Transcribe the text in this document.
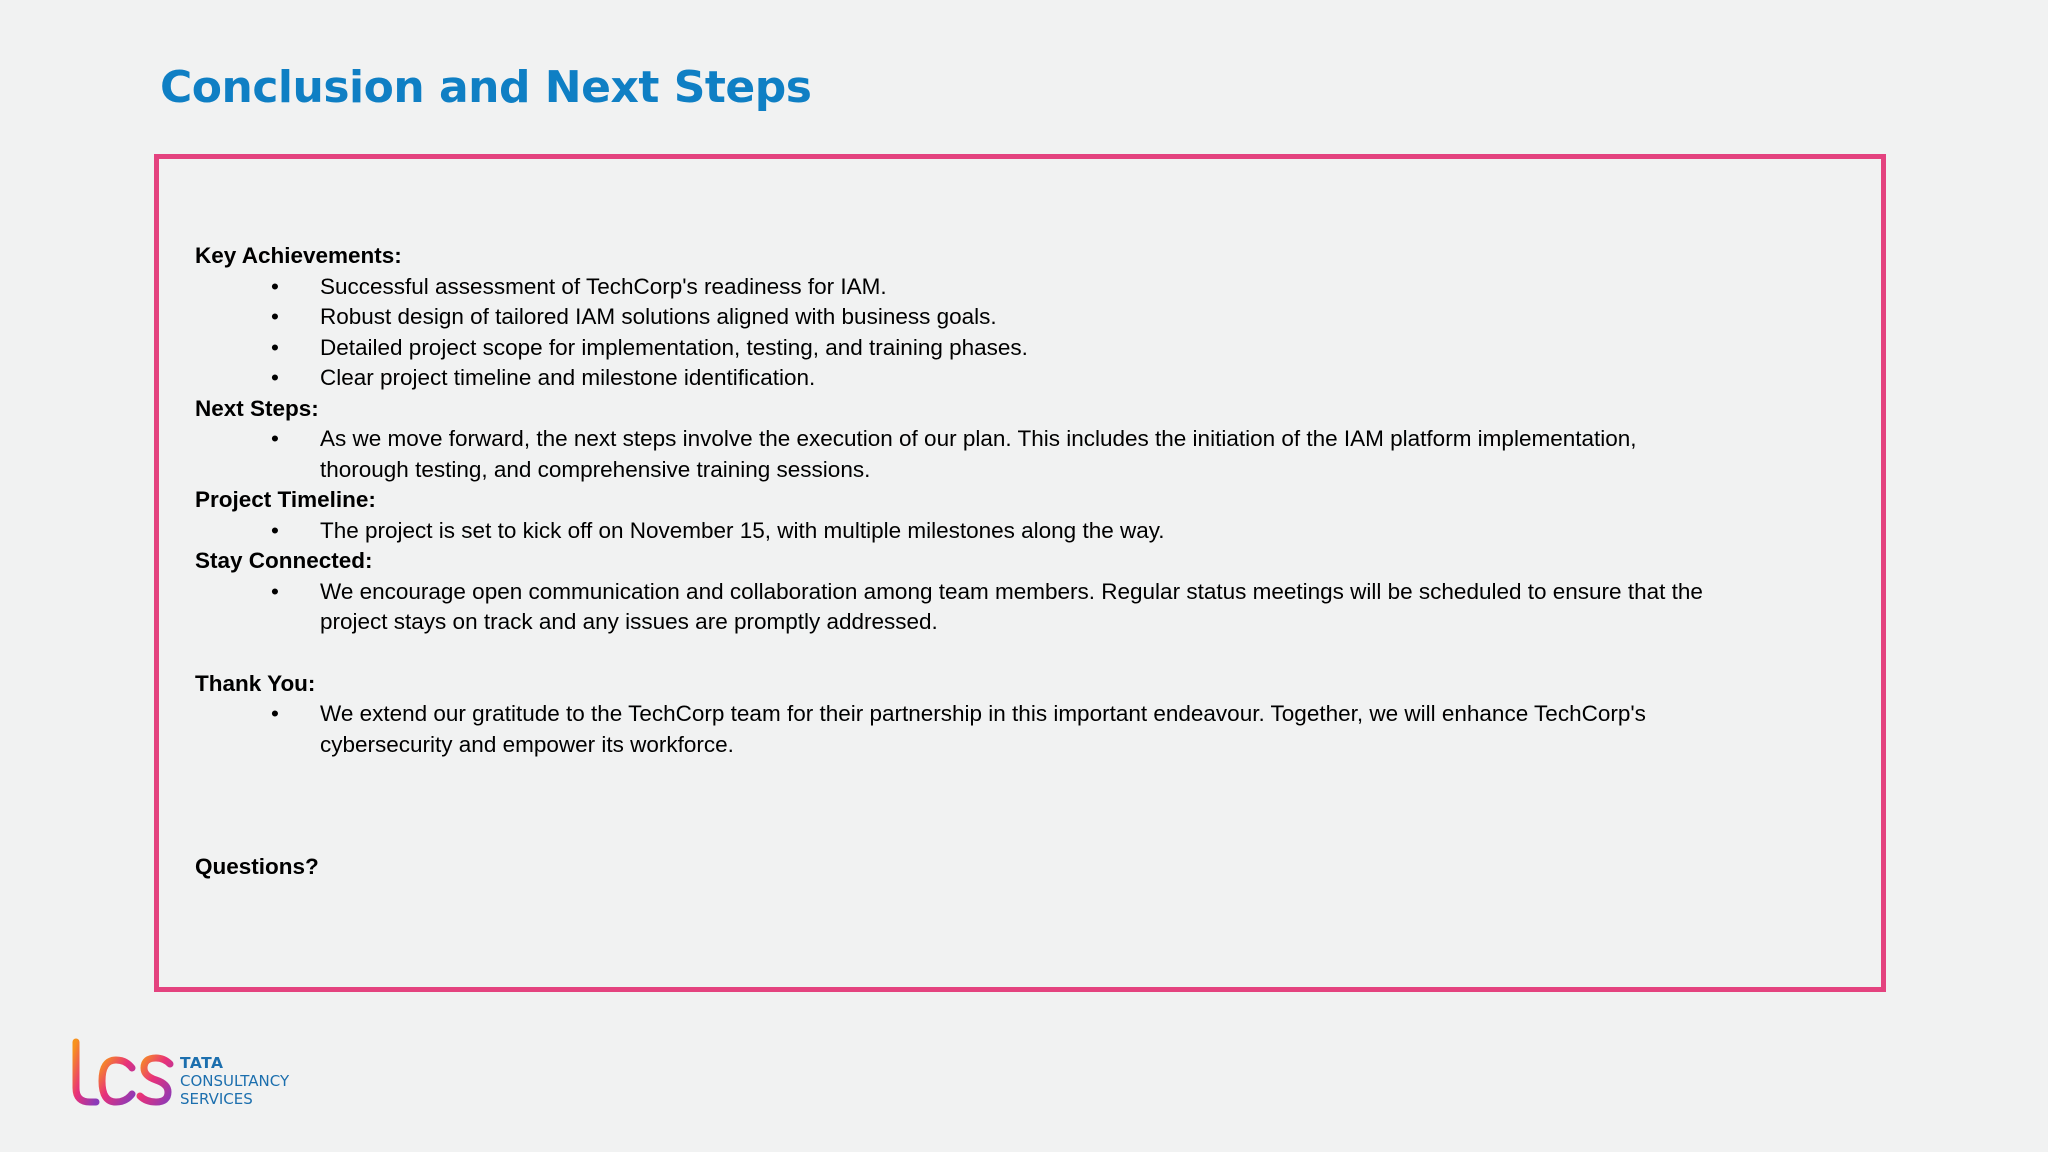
Conclusion and Next Steps

Key Achievements:

• Successful assessment of TechCorp's readiness for IAM.
• Robust design of tailored IAM solutions aligned with business goals.
• Detailed project scope for implementation, testing, and training phases.
• Clear project timeline and milestone identification.

Next Steps:

• As we move forward, the next steps involve the execution of our plan. This includes the initiation of the IAM platform implementation, thorough testing, and comprehensive training sessions.

Project Timeline:

• The project is set to kick off on November 15, with multiple milestones along the way.

Stay Connected:

• We encourage open communication and collaboration among team members. Regular status meetings will be scheduled to ensure that the project stays on track and any issues are promptly addressed.

Thank You:

• We extend our gratitude to the TechCorp team for their partnership in this important endeavour. Together, we will enhance TechCorp's cybersecurity and empower its workforce.

Questions?

TATA
CONSULTANCY
SERVICES
